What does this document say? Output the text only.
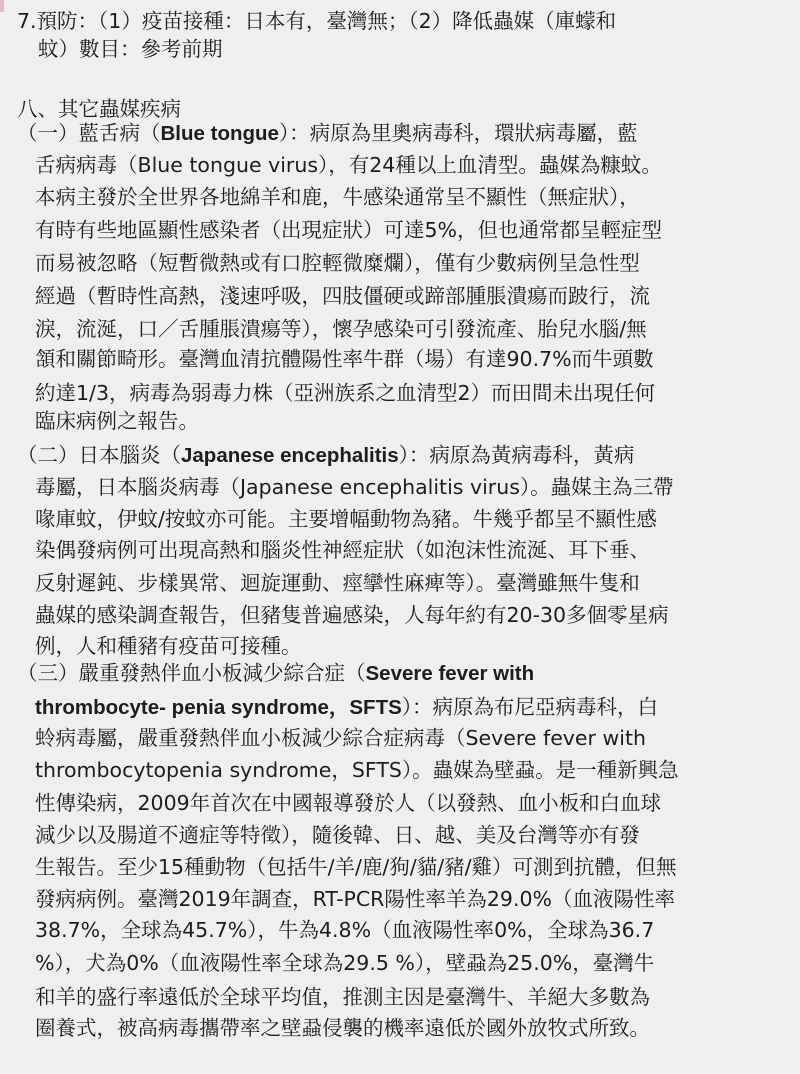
7.預防：（1）疫苗接種：日本有，臺灣無；（2）降低蟲媒（庫蠓和
蚊）數目：參考前期
八、其它蟲媒疾病
（一）藍舌病（Blue tongue）：病原為里奧病毒科，環狀病毒屬，藍
舌病病毒（Blue tongue virus），有24種以上血清型。蟲媒為糠蚊。
本病主發於全世界各地綿羊和鹿，牛感染通常呈不顯性（無症狀），
有時有些地區顯性感染者（出現症狀）可達5%，但也通常都呈輕症型
而易被忽略（短暫微熱或有口腔輕微糜爛），僅有少數病例呈急性型
經過（暫時性高熱，淺速呼吸，四肢僵硬或蹄部腫脹潰瘍而跛行，流
淚，流涎，口／舌腫脹潰瘍等），懷孕感染可引發流產、胎兒水腦/無
頷和關節畸形。臺灣血清抗體陽性率牛群（場）有達90.7%而牛頭數
約達1/3，病毒為弱毒力株（亞洲族系之血清型2）而田間未出現任何
臨床病例之報告。
（二）日本腦炎（Japanese encephalitis）：病原為黃病毒科，黃病
毒屬，日本腦炎病毒（Japanese encephalitis virus）。蟲媒主為三帶
喙庫蚊，伊蚊/按蚊亦可能。主要增幅動物為豬。牛幾乎都呈不顯性感
染偶發病例可出現高熱和腦炎性神經症狀（如泡沫性流涎、耳下垂、
反射遲鈍、步樣異常、迴旋運動、痙攣性麻痺等）。臺灣雖無牛隻和
蟲媒的感染調查報告，但豬隻普遍感染，人每年約有20-30多個零星病
例，人和種豬有疫苗可接種。
（三）嚴重發熱伴血小板減少綜合症（Severe fever with
thrombocyte- penia syndrome，SFTS）：病原為布尼亞病毒科，白
蛉病毒屬，嚴重發熱伴血小板減少綜合症病毒（Severe fever with
thrombocytopenia syndrome，SFTS）。蟲媒為壁蝨。是一種新興急
性傳染病，2009年首次在中國報導發於人（以發熱、血小板和白血球
減少以及腸道不適症等特徵），隨後韓、日、越、美及台灣等亦有發
生報告。至少15種動物（包括牛/羊/鹿/狗/貓/豬/雞）可測到抗體，但無
發病病例。臺灣2019年調查，RT-PCR陽性率羊為29.0%（血液陽性率
38.7%，全球為45.7%），牛為4.8%（血液陽性率0%，全球為36.7
%），犬為0%（血液陽性率全球為29.5 %），壁蝨為25.0%，臺灣牛
和羊的盛行率遠低於全球平均值，推測主因是臺灣牛、羊絕大多數為
圈養式，被高病毒攜帶率之壁蝨侵襲的機率遠低於國外放牧式所致。
